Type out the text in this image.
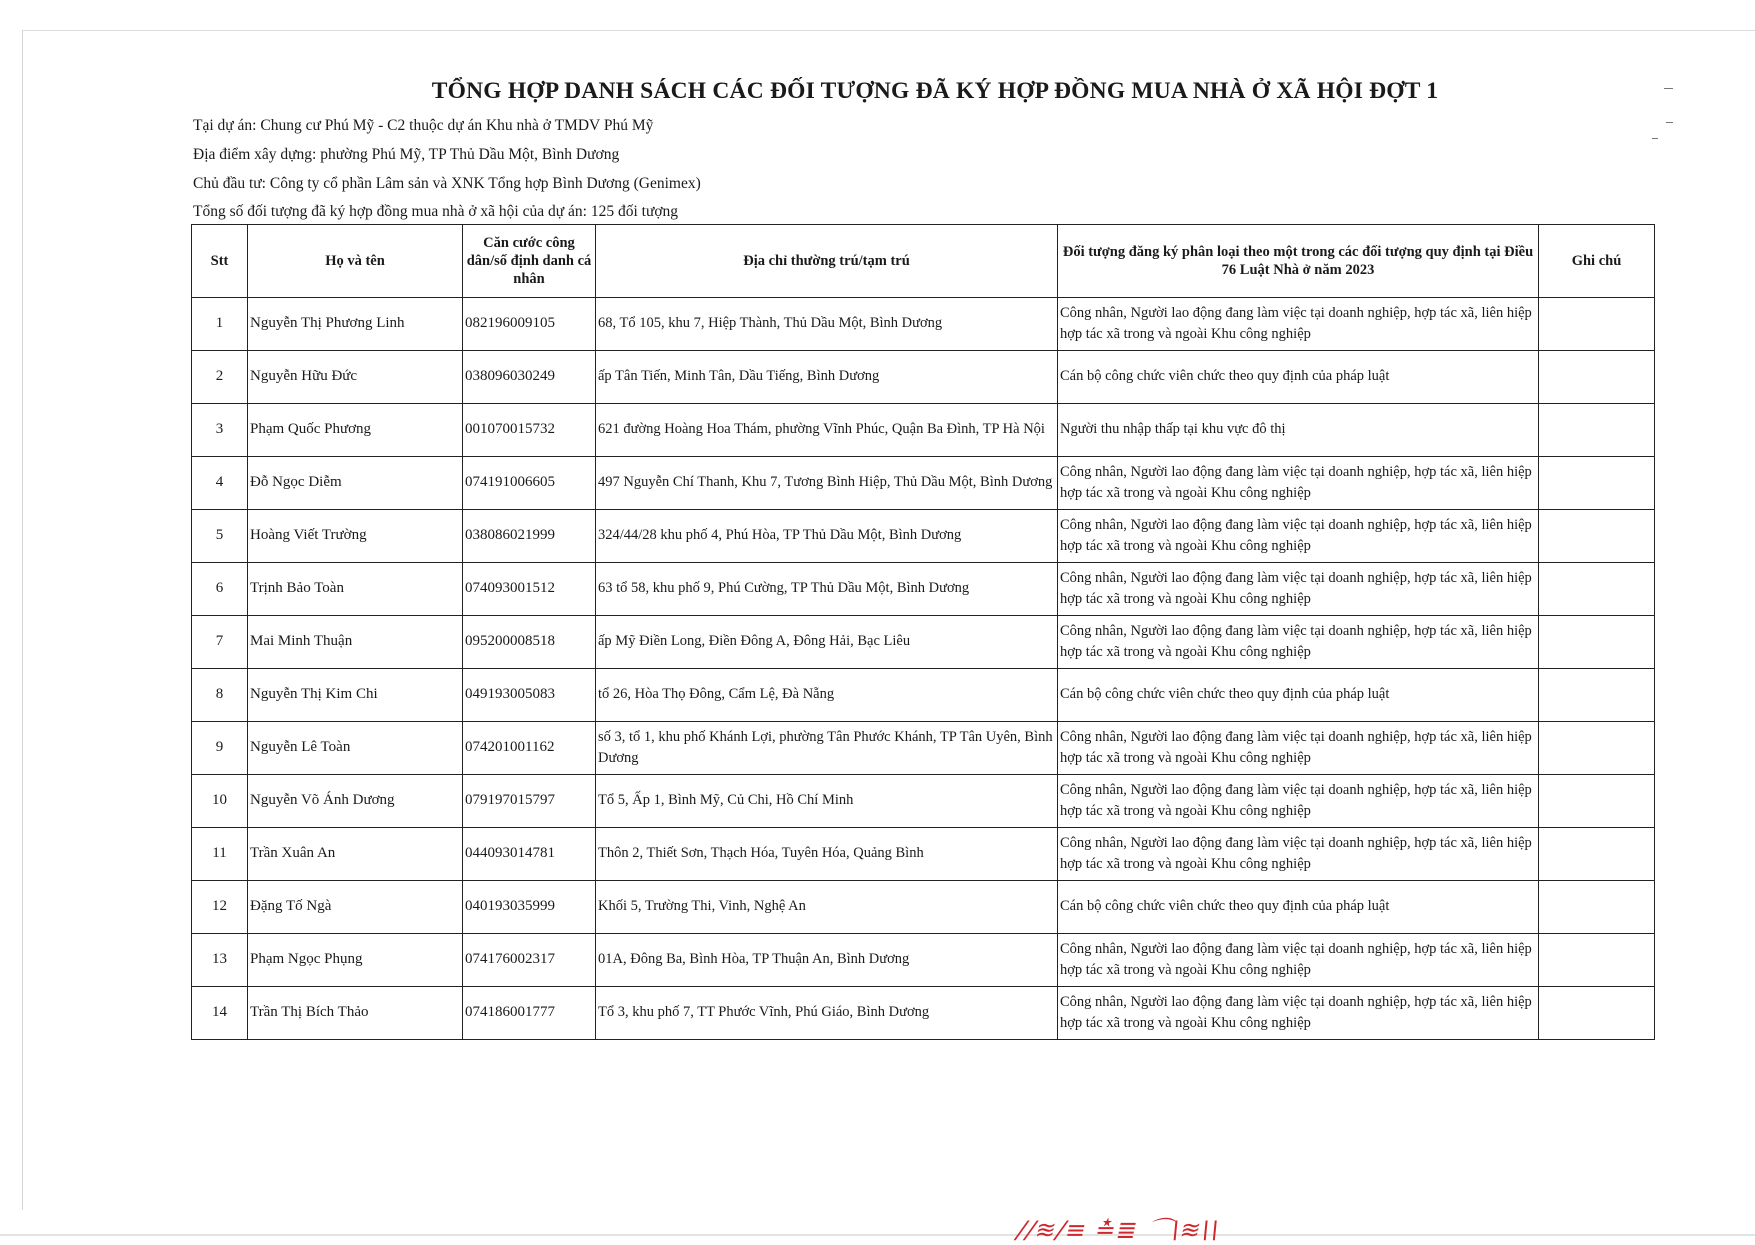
TỔNG HỢP DANH SÁCH CÁC ĐỐI TƯỢNG ĐÃ KÝ HỢP ĐỒNG MUA NHÀ Ở XÃ HỘI ĐỢT 1
Tại dự án: Chung cư Phú Mỹ - C2 thuộc dự án Khu nhà ở TMDV Phú Mỹ
Địa điểm xây dựng: phường Phú Mỹ, TP Thủ Dầu Một, Bình Dương
Chủ đầu tư: Công ty cổ phần Lâm sản và XNK Tổng hợp Bình Dương (Genimex)
Tổng số đối tượng đã ký hợp đồng mua nhà ở xã hội của dự án: 125 đối tượng
Stt	Họ và tên	Căn cước công dân/số định danh cá nhân	Địa chỉ thường trú/tạm trú	Đối tượng đăng ký phân loại theo một trong các đối tượng quy định tại Điều 76 Luật Nhà ở năm 2023	Ghi chú
1	Nguyễn Thị Phương Linh	082196009105	68, Tổ 105, khu 7, Hiệp Thành, Thủ Dầu Một, Bình Dương	Công nhân, Người lao động đang làm việc tại doanh nghiệp, hợp tác xã, liên hiệp hợp tác xã trong và ngoài Khu công nghiệp	
2	Nguyễn Hữu Đức	038096030249	ấp Tân Tiến, Minh Tân, Dầu Tiếng, Bình Dương	Cán bộ công chức viên chức theo quy định của pháp luật	
3	Phạm Quốc Phương	001070015732	621 đường Hoàng Hoa Thám, phường Vĩnh Phúc, Quận Ba Đình, TP Hà Nội	Người thu nhập thấp tại khu vực đô thị	
4	Đỗ Ngọc Diễm	074191006605	497 Nguyễn Chí Thanh, Khu 7, Tương Bình Hiệp, Thủ Dầu Một, Bình Dương	Công nhân, Người lao động đang làm việc tại doanh nghiệp, hợp tác xã, liên hiệp hợp tác xã trong và ngoài Khu công nghiệp	
5	Hoàng Viết Trường	038086021999	324/44/28 khu phố 4, Phú Hòa, TP Thủ Dầu Một, Bình Dương	Công nhân, Người lao động đang làm việc tại doanh nghiệp, hợp tác xã, liên hiệp hợp tác xã trong và ngoài Khu công nghiệp	
6	Trịnh Bảo Toàn	074093001512	63 tổ 58, khu phố 9, Phú Cường, TP Thủ Dầu Một, Bình Dương	Công nhân, Người lao động đang làm việc tại doanh nghiệp, hợp tác xã, liên hiệp hợp tác xã trong và ngoài Khu công nghiệp	
7	Mai Minh Thuận	095200008518	ấp Mỹ Điền Long, Điền Đông A, Đông Hải, Bạc Liêu	Công nhân, Người lao động đang làm việc tại doanh nghiệp, hợp tác xã, liên hiệp hợp tác xã trong và ngoài Khu công nghiệp	
8	Nguyễn Thị Kim Chi	049193005083	tổ 26, Hòa Thọ Đông, Cẩm Lệ, Đà Nẵng	Cán bộ công chức viên chức theo quy định của pháp luật	
9	Nguyễn Lê Toàn	074201001162	số 3, tổ 1, khu phố Khánh Lợi, phường Tân Phước Khánh, TP Tân Uyên, Bình Dương	Công nhân, Người lao động đang làm việc tại doanh nghiệp, hợp tác xã, liên hiệp hợp tác xã trong và ngoài Khu công nghiệp	
10	Nguyễn Võ Ánh Dương	079197015797	Tổ 5, Ấp 1, Bình Mỹ, Củ Chi, Hồ Chí Minh	Công nhân, Người lao động đang làm việc tại doanh nghiệp, hợp tác xã, liên hiệp hợp tác xã trong và ngoài Khu công nghiệp	
11	Trần Xuân An	044093014781	Thôn 2, Thiết Sơn, Thạch Hóa, Tuyên Hóa, Quảng Bình	Công nhân, Người lao động đang làm việc tại doanh nghiệp, hợp tác xã, liên hiệp hợp tác xã trong và ngoài Khu công nghiệp	
12	Đặng Tố Ngà	040193035999	Khối 5, Trường Thi, Vinh, Nghệ An	Cán bộ công chức viên chức theo quy định của pháp luật	
13	Phạm Ngọc Phụng	074176002317	01A, Đông Ba, Bình Hòa, TP Thuận An, Bình Dương	Công nhân, Người lao động đang làm việc tại doanh nghiệp, hợp tác xã, liên hiệp hợp tác xã trong và ngoài Khu công nghiệp	
14	Trần Thị Bích Thảo	074186001777	Tổ 3, khu phố 7, TT Phước Vĩnh, Phú Giáo, Bình Dương	Công nhân, Người lao động đang làm việc tại doanh nghiệp, hợp tác xã, liên hiệp hợp tác xã trong và ngoài Khu công nghiệp	
//≋/≡ ≛≣ ⌒\≋\\
